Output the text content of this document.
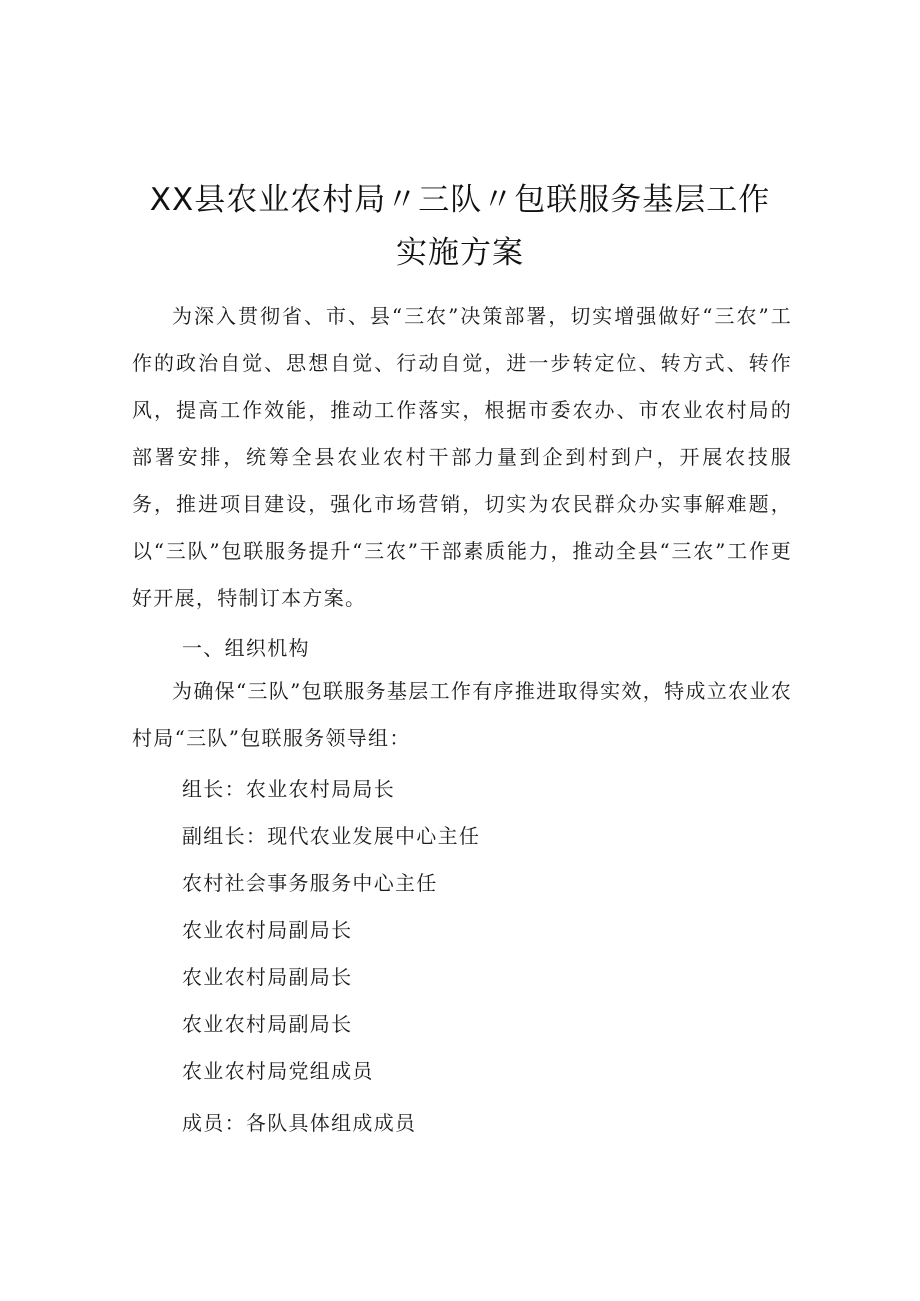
XX县农业农村局〃三队〃包联服务基层工作
实施方案
为深入贯彻省、市、县“三农”决策部署，切实增强做好“三农”工作的政治自觉、思想自觉、行动自觉，进一步转定位、转方式、转作风，提高工作效能，推动工作落实，根据市委农办、市农业农村局的部署安排，统筹全县农业农村干部力量到企到村到户，开展农技服务，推进项目建设，强化市场营销，切实为农民群众办实事解难题，以“三队”包联服务提升“三农”干部素质能力，推动全县“三农”工作更好开展，特制订本方案。
一、组织机构
为确保“三队”包联服务基层工作有序推进取得实效，特成立农业农村局“三队”包联服务领导组：
组长：农业农村局局长
副组长：现代农业发展中心主任
农村社会事务服务中心主任
农业农村局副局长
农业农村局副局长
农业农村局副局长
农业农村局党组成员
成员：各队具体组成成员
